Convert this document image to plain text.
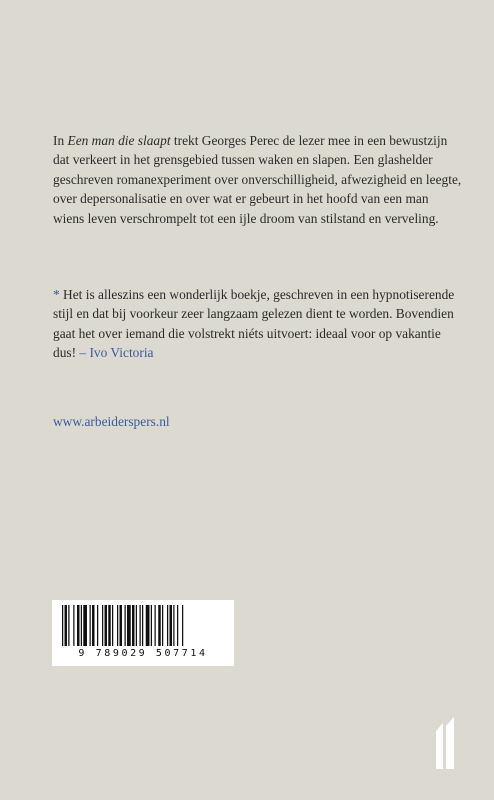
In Een man die slaapt trekt Georges Perec de lezer mee in een bewustzijn dat verkeert in het grensgebied tussen waken en slapen. Een glashelder geschreven romanexperiment over onverschilligheid, afwezigheid en leegte, over depersonalisatie en over wat er gebeurt in het hoofd van een man wiens leven verschrompelt tot een ijle droom van stilstand en verveling.

* Het is alleszins een wonderlijk boekje, geschreven in een hypnotiserende stijl en dat bij voorkeur zeer langzaam gelezen dient te worden. Bovendien gaat het over iemand die volstrekt niéts uitvoert: ideaal voor op vakantie dus! – Ivo Victoria

www.arbeiderspers.nl
9 789029 507714
